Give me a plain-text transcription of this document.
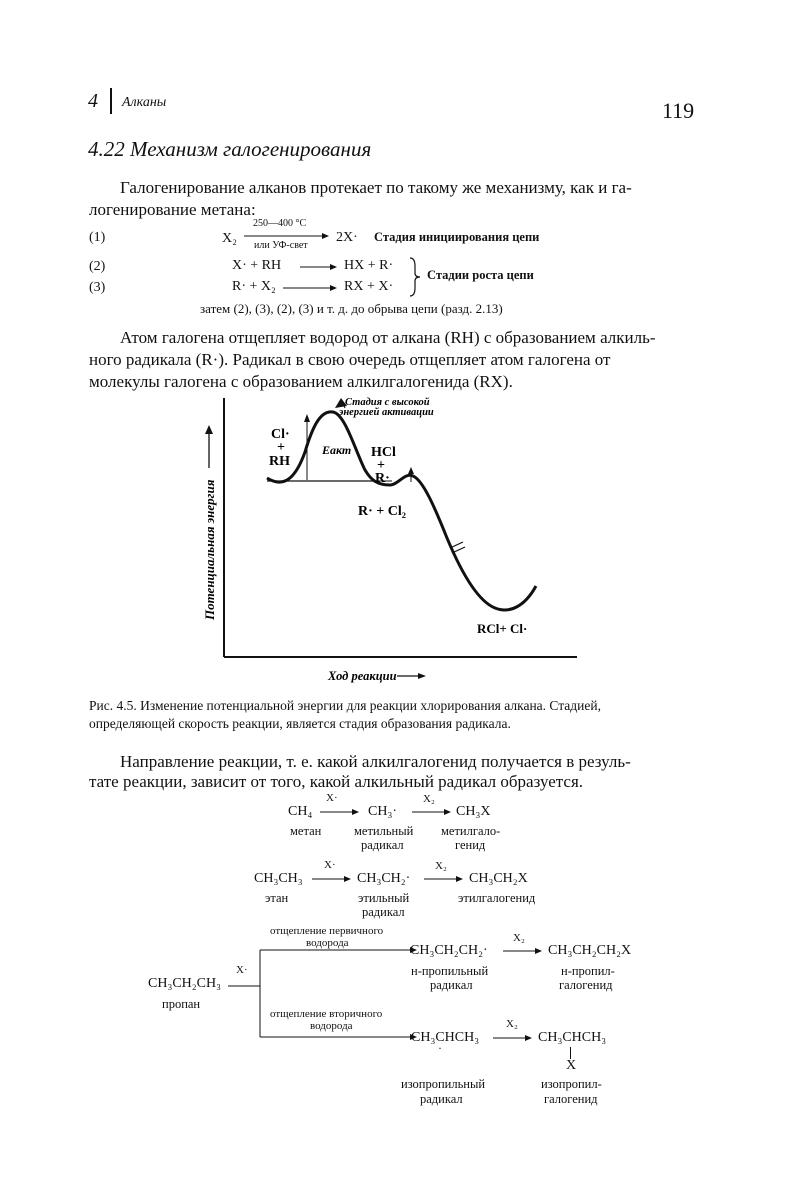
4 Алканы	119
4.22 Механизм галогенирования
Галогенирование алканов протекает по такому же механизму, как и га-
логенирование метана:
(1)	X₂
250—400 °C
или УФ-свет
2X· Стадия инициирования цепи
(2)	X· + RH	HX + R·
(3)	R· + X₂	RX + X·
Стадии роста цепи
затем (2), (3), (2), (3) и т. д. до обрыва цепи (разд. 2.13)
Атом галогена отщепляет водород от алкана (RH) с образованием алкиль-
ного радикала (R·). Радикал в свою очередь отщепляет атом галогена от
молекулы галогена с образованием алкилгалогенида (RX).
Потенциальная энергия
Стадия с высокой
энергией активации
Eакт
Cl·
+
RH
HCl
+
R·
R· + Cl₂
RCl+ Cl·
Ход реакции
Рис. 4.5. Изменение потенциальной энергии для реакции хлорирования алкана. Стадией,
определяющей скорость реакции, является стадия образования радикала.
Направление реакции, т. е. какой алкилгалогенид получается в резуль-
тате реакции, зависит от того, какой алкильный радикал образуется.
CH₄
метан
X·
CH₃·
метильный
радикал
X₂
CH₃X
метилгало-
генид
CH₃CH₃
этан
X·
CH₃CH₂·
этильный
радикал
X₂
CH₃CH₂X
этилгалогенид
CH₃CH₂CH₃
пропан
X·
отщепление первичного
водорода	CH₃CH₂CH₂·
н-пропильный
радикал
X₂
CH₃CH₂CH₂X
н-пропил-
галогенид
отщепление вторичного
водорода
CH₃CHCH₃
·
X₂
CH₃CHCH₃
X
изопропильный
радикал
изопропил-
галогенид
